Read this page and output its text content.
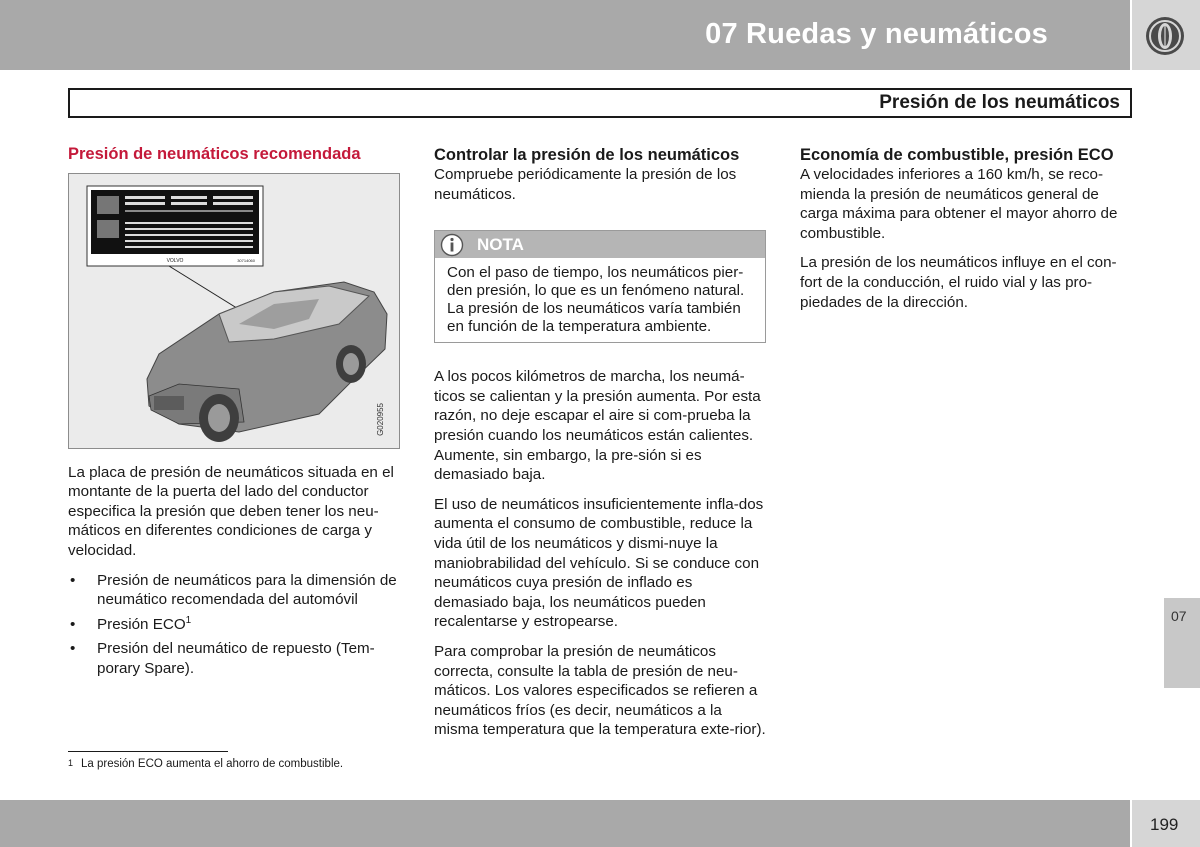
07 Ruedas y neumáticos
Presión de los neumáticos
Presión de neumáticos recomendada
VOLVO	30714060
G020955

La placa de presión de neumáticos situada en el montante de la puerta del lado del conductor especifica la presión que deben tener los neu-máticos en diferentes condiciones de carga y velocidad.

• Presión de neumáticos para la dimensión de neumático recomendada del automóvil
• Presión ECO$^1$
• Presión del neumático de repuesto (Tem-porary Spare).
Controlar la presión de los neumáticos

Compruebe periódicamente la presión de los neumáticos.

NOTA
Con el paso de tiempo, los neumáticos pier-den presión, lo que es un fenómeno natural. La presión de los neumáticos varía también en función de la temperatura ambiente.

A los pocos kilómetros de marcha, los neumá-ticos se calientan y la presión aumenta. Por esta razón, no deje escapar el aire si com-prueba la presión cuando los neumáticos están calientes. Aumente, sin embargo, la pre-sión si es demasiado baja.

El uso de neumáticos insuficientemente infla-dos aumenta el consumo de combustible, reduce la vida útil de los neumáticos y dismi-nuye la maniobrabilidad del vehículo. Si se conduce con neumáticos cuya presión de inflado es demasiado baja, los neumáticos pueden recalentarse y estropearse.

Para comprobar la presión de neumáticos correcta, consulte la tabla de presión de neu-máticos. Los valores especificados se refieren a neumáticos fríos (es decir, neumáticos a la misma temperatura que la temperatura exte-rior).

Economía de combustible, presión ECO

A velocidades inferiores a 160 km/h, se reco-mienda la presión de neumáticos general de carga máxima para obtener el mayor ahorro de combustible.

La presión de los neumáticos influye en el con-fort de la conducción, el ruido vial y las pro-piedades de la dirección.

1 La presión ECO aumenta el ahorro de combustible.
07
199
